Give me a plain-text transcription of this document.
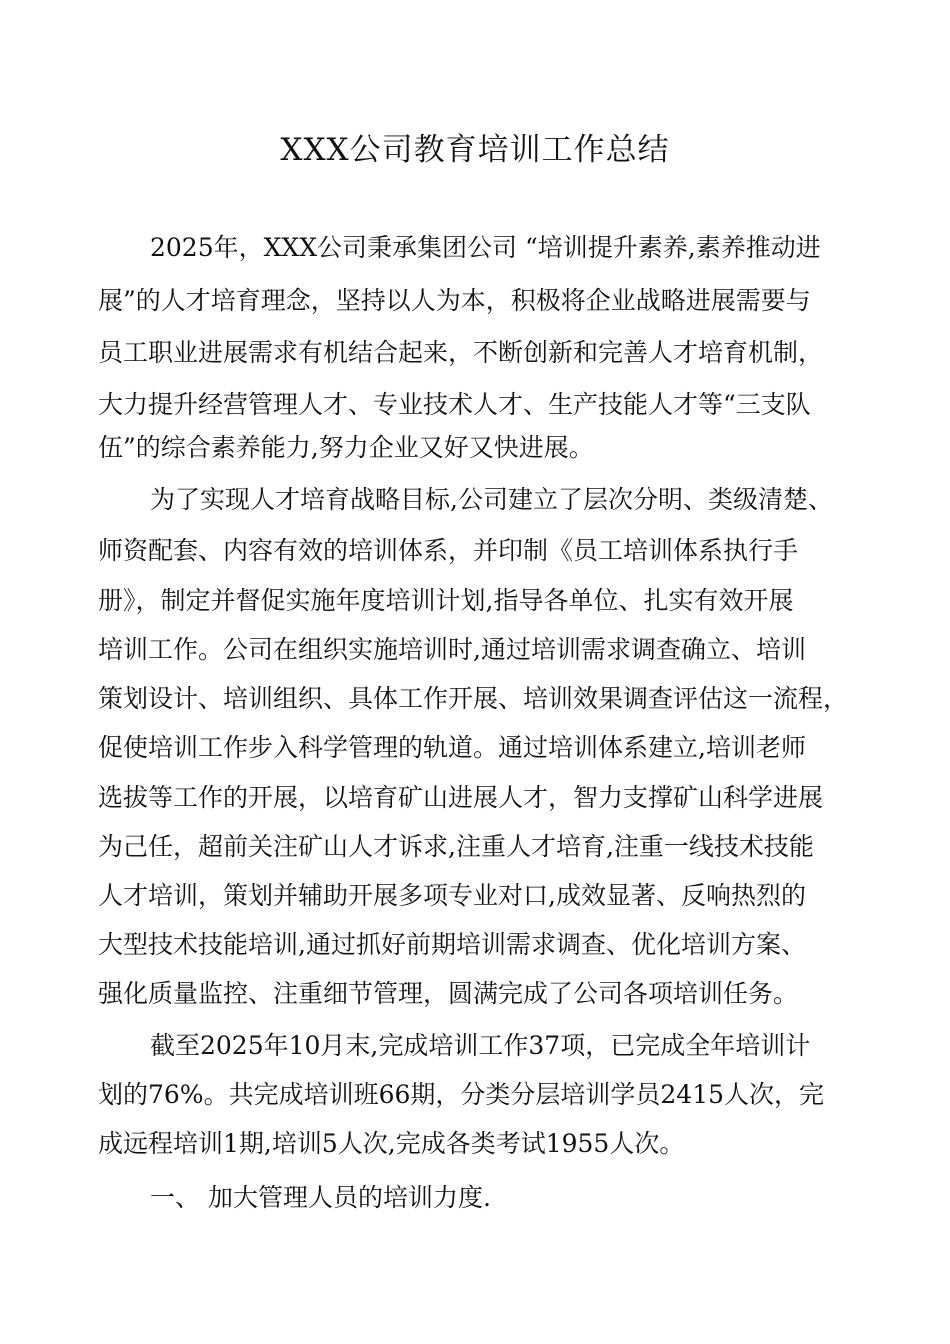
XXX公司教育培训工作总结

2025年，XXX公司秉承集团公司 “培训提升素养,素养推动进

展”的人才培育理念，坚持以人为本，积极将企业战略进展需要与

员工职业进展需求有机结合起来，不断创新和完善人才培育机制，

大力提升经营管理人才、专业技术人才、生产技能人才等“三支队

伍”的综合素养能力,努力企业又好又快进展。

为了实现人才培育战略目标,公司建立了层次分明、类级清楚、

师资配套、内容有效的培训体系，并印制《员工培训体系执行手

册》，制定并督促实施年度培训计划,指导各单位、扎实有效开展

培训工作。公司在组织实施培训时,通过培训需求调查确立、培训

策划设计、培训组织、具体工作开展、培训效果调查评估这一流程，

促使培训工作步入科学管理的轨道。通过培训体系建立,培训老师

选拔等工作的开展，以培育矿山进展人才，智力支撑矿山科学进展

为己任，超前关注矿山人才诉求,注重人才培育,注重一线技术技能

人才培训，策划并辅助开展多项专业对口,成效显著、反响热烈的

大型技术技能培训,通过抓好前期培训需求调查、优化培训方案、

强化质量监控、注重细节管理，圆满完成了公司各项培训任务。

截至2025年10月末,完成培训工作37项，已完成全年培训计

划的76%。共完成培训班66期，分类分层培训学员2415人次，完

成远程培训1期,培训5人次,完成各类考试1955人次。

一、 加大管理人员的培训力度.
